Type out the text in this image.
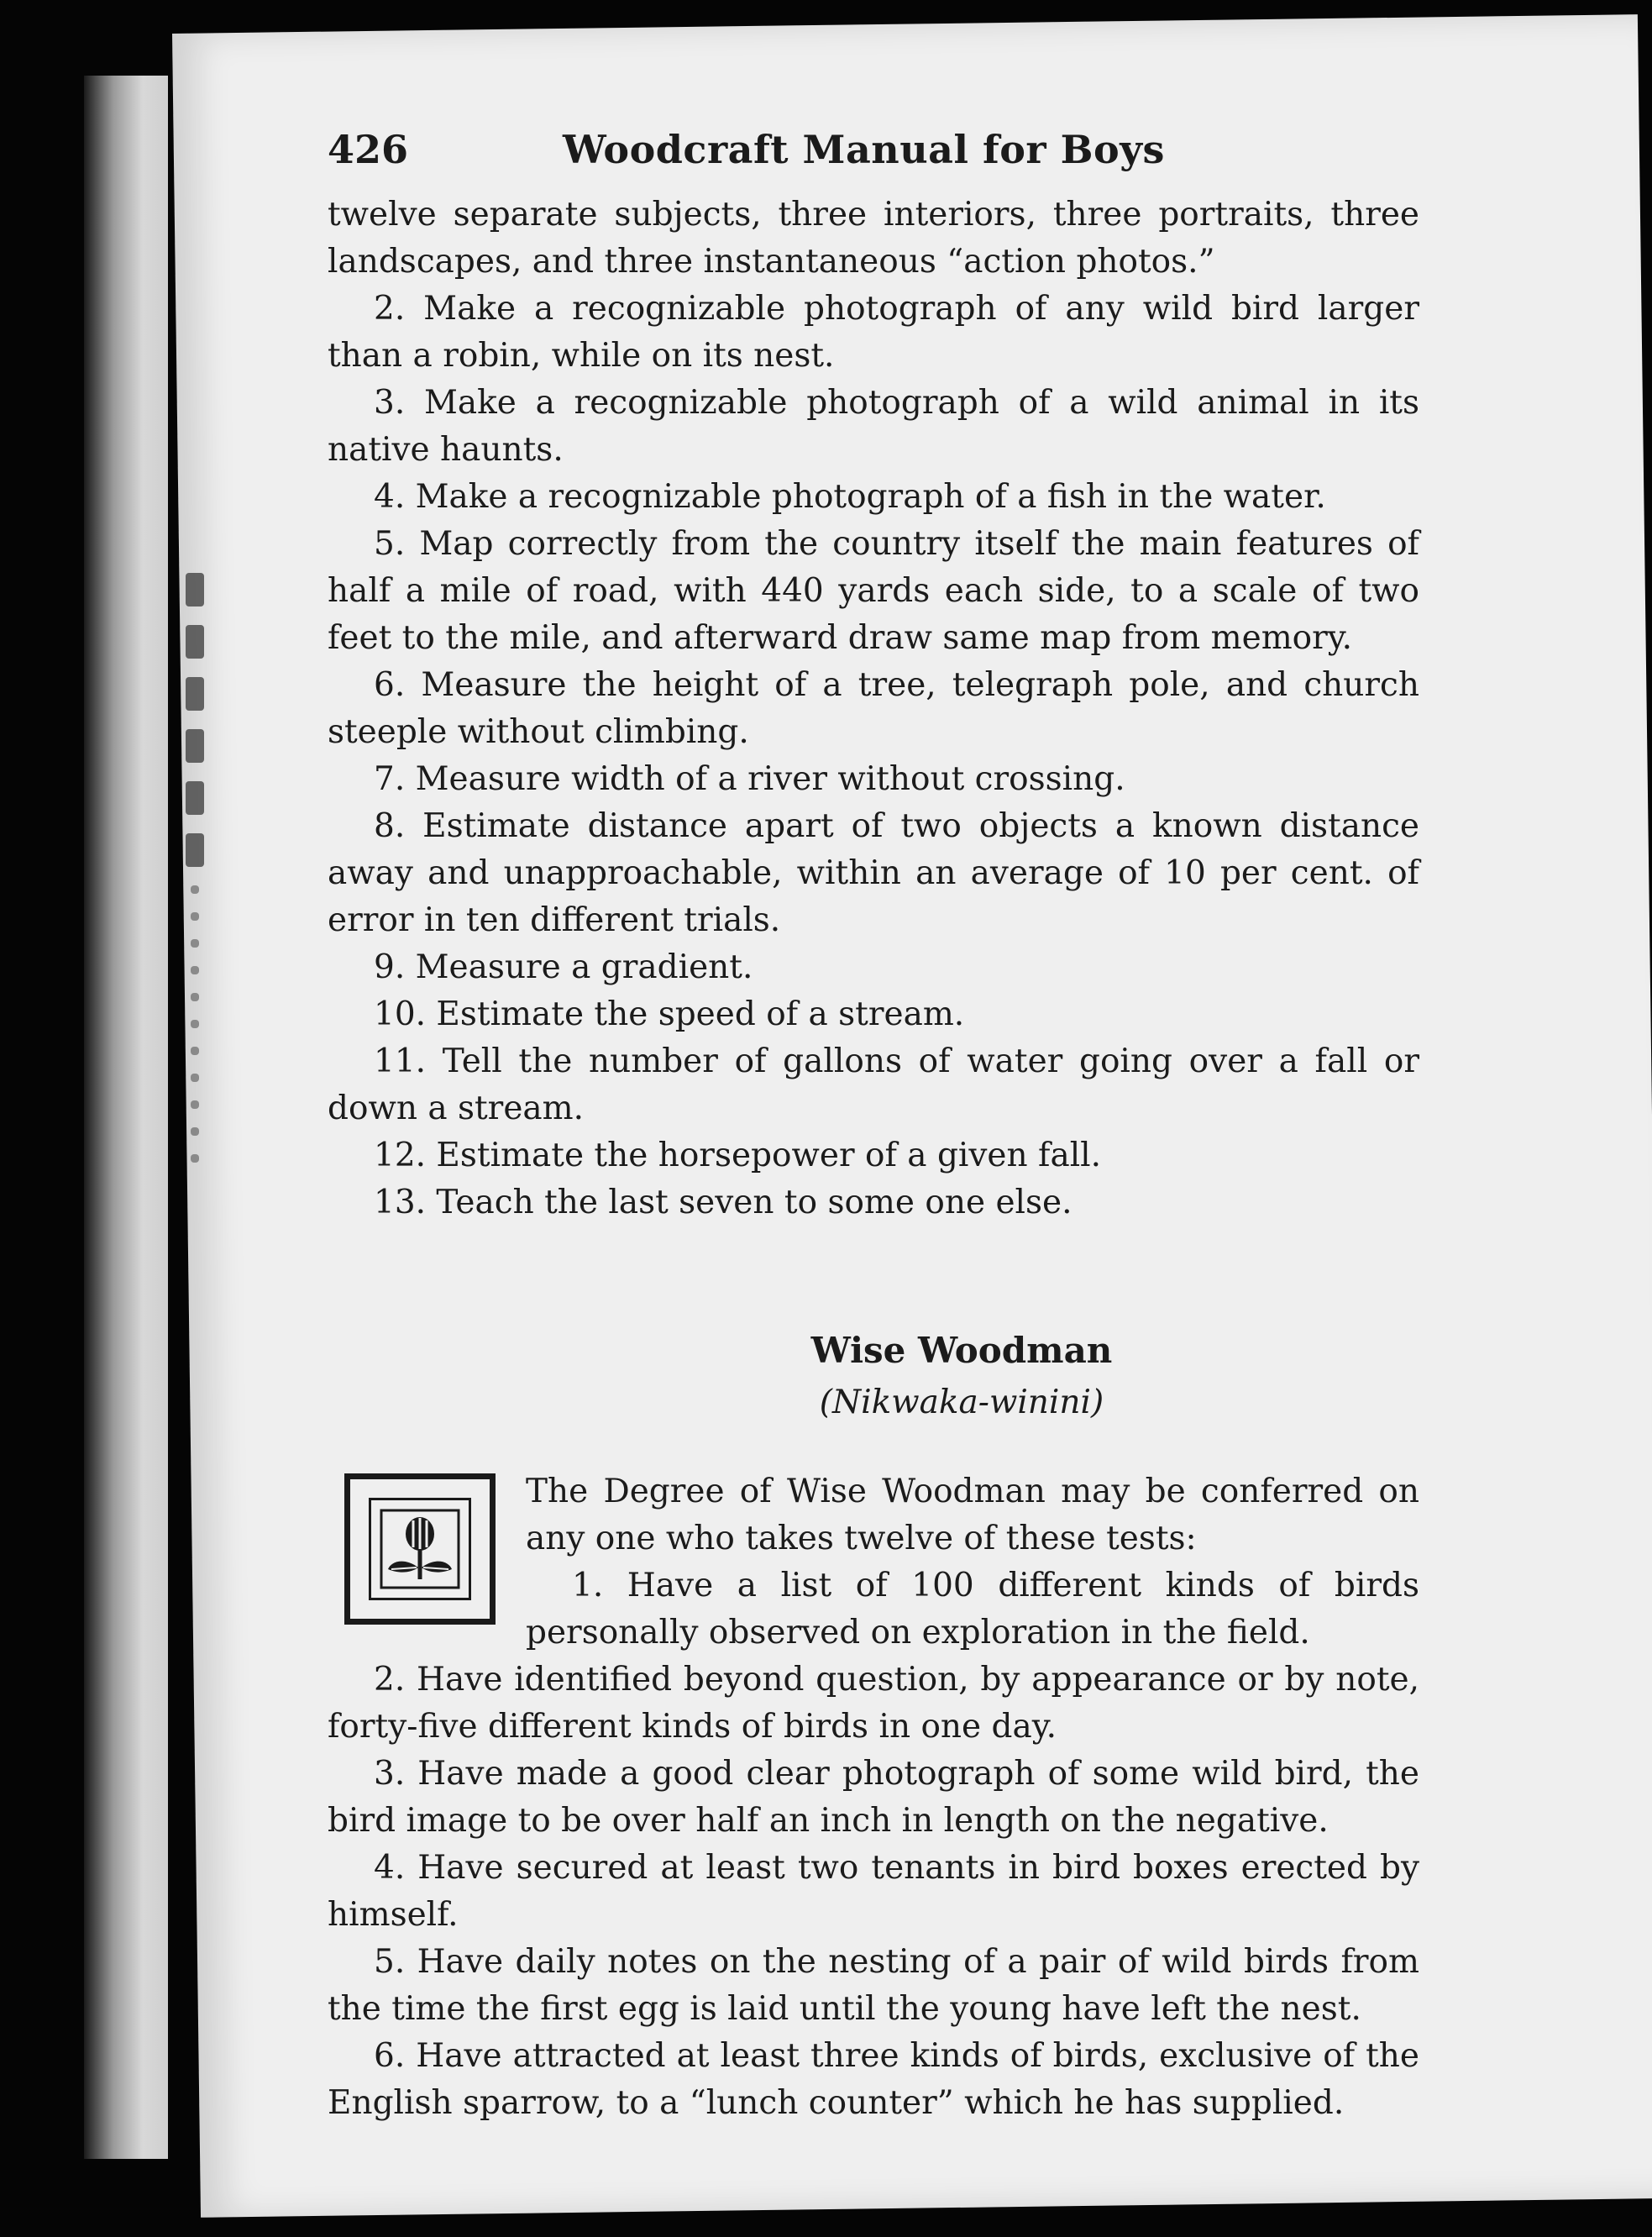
426	Woodcraft Manual for Boys

twelve separate subjects, three interiors, three portraits, three landscapes, and three instantaneous “action photos.”

2. Make a recognizable photograph of any wild bird larger than a robin, while on its nest.

3. Make a recognizable photograph of a wild animal in its native haunts.

4. Make a recognizable photograph of a fish in the water.

5. Map correctly from the country itself the main features of half a mile of road, with 440 yards each side, to a scale of two feet to the mile, and afterward draw same map from memory.

6. Measure the height of a tree, telegraph pole, and church steeple without climbing.

7. Measure width of a river without crossing.

8. Estimate distance apart of two objects a known distance away and unapproachable, within an average of 10 per cent. of error in ten different trials.

9. Measure a gradient.

10. Estimate the speed of a stream.

11. Tell the number of gallons of water going over a fall or down a stream.

12. Estimate the horsepower of a given fall.

13. Teach the last seven to some one else.

Wise Woodman
(Nikwaka-winini)

The Degree of Wise Woodman may be conferred on any one who takes twelve of these tests:

1. Have a list of 100 different kinds of birds personally observed on exploration in the field.

2. Have identified beyond question, by appearance or by note, forty-five different kinds of birds in one day.

3. Have made a good clear photograph of some wild bird, the bird image to be over half an inch in length on the negative.

4. Have secured at least two tenants in bird boxes erected by himself.

5. Have daily notes on the nesting of a pair of wild birds from the time the first egg is laid until the young have left the nest.

6. Have attracted at least three kinds of birds, exclusive of the English sparrow, to a “lunch counter” which he has supplied.
